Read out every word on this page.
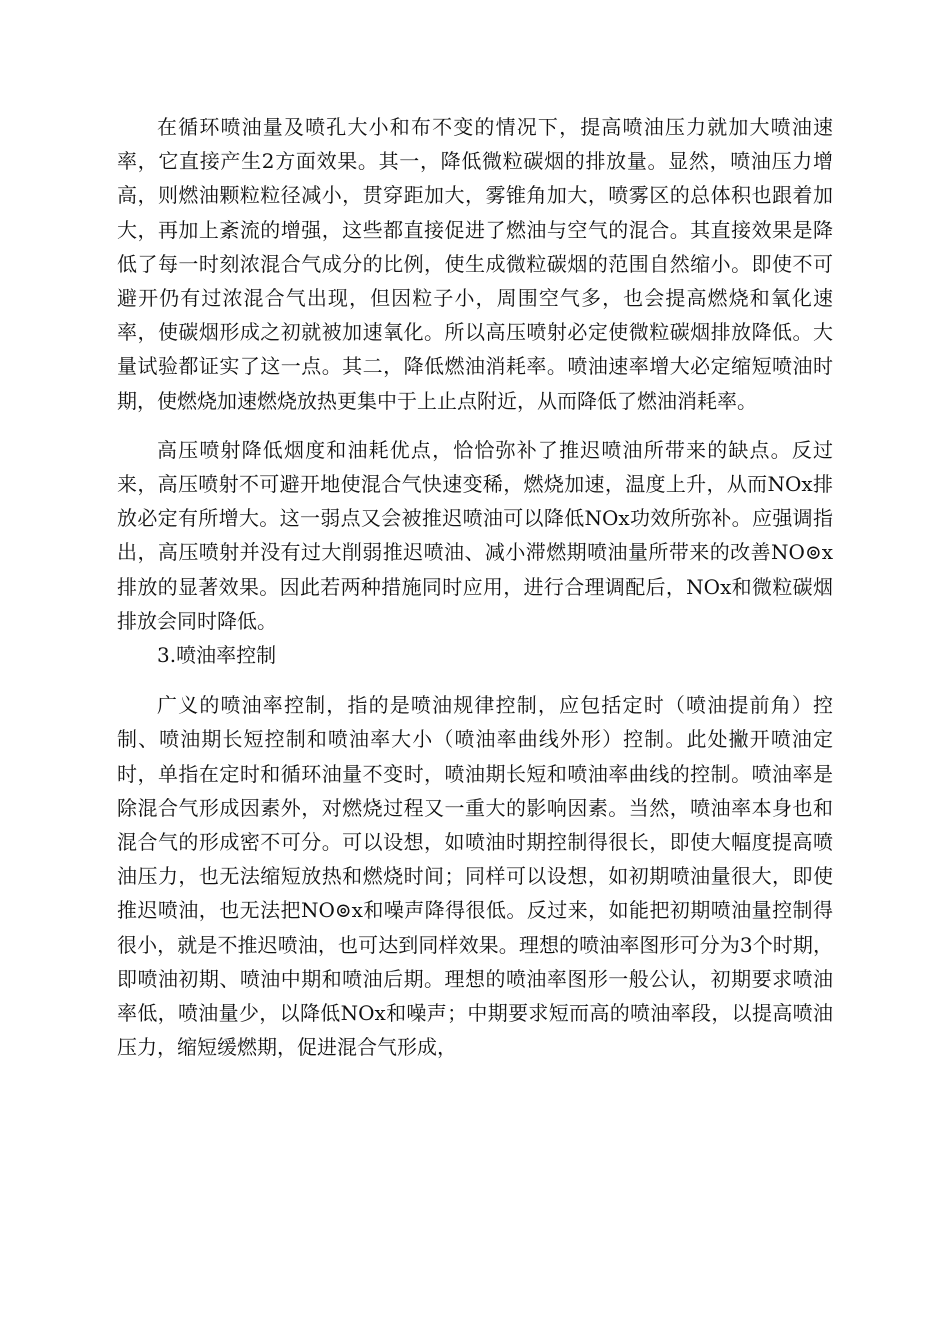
在循环喷油量及喷孔大小和布不变的情况下，提高喷油压力就加大喷油速率，它直接产生2方面效果。其一，降低微粒碳烟的排放量。显然，喷油压力增高，则燃油颗粒粒径减小，贯穿距加大，雾锥角加大，喷雾区的总体积也跟着加大，再加上紊流的增强，这些都直接促进了燃油与空气的混合。其直接效果是降低了每一时刻浓混合气成分的比例，使生成微粒碳烟的范围自然缩小。即使不可避开仍有过浓混合气出现，但因粒子小，周围空气多，也会提高燃烧和氧化速率，使碳烟形成之初就被加速氧化。所以高压喷射必定使微粒碳烟排放降低。大量试验都证实了这一点。其二，降低燃油消耗率。喷油速率增大必定缩短喷油时期，使燃烧加速燃烧放热更集中于上止点附近，从而降低了燃油消耗率。

高压喷射降低烟度和油耗优点，恰恰弥补了推迟喷油所带来的缺点。反过来，高压喷射不可避开地使混合气快速变稀，燃烧加速，温度上升，从而NOx排放必定有所增大。这一弱点又会被推迟喷油可以降低NOx功效所弥补。应强调指出，高压喷射并没有过大削弱推迟喷油、减小滞燃期喷油量所带来的改善NO⊚x排放的显著效果。因此若两种措施同时应用，进行合理调配后，NOx和微粒碳烟排放会同时降低。

3.喷油率控制

广义的喷油率控制，指的是喷油规律控制，应包括定时（喷油提前角）控制、喷油期长短控制和喷油率大小（喷油率曲线外形）控制。此处撇开喷油定时，单指在定时和循环油量不变时，喷油期长短和喷油率曲线的控制。喷油率是除混合气形成因素外，对燃烧过程又一重大的影响因素。当然，喷油率本身也和混合气的形成密不可分。可以设想，如喷油时期控制得很长，即使大幅度提高喷油压力，也无法缩短放热和燃烧时间；同样可以设想，如初期喷油量很大，即使推迟喷油，也无法把NO⊚x和噪声降得很低。反过来，如能把初期喷油量控制得很小，就是不推迟喷油，也可达到同样效果。理想的喷油率图形可分为3个时期，即喷油初期、喷油中期和喷油后期。理想的喷油率图形一般公认，初期要求喷油率低，喷油量少，以降低NOx和噪声；中期要求短而高的喷油率段，以提高喷油压力，缩短缓燃期，促进混合气形成，
